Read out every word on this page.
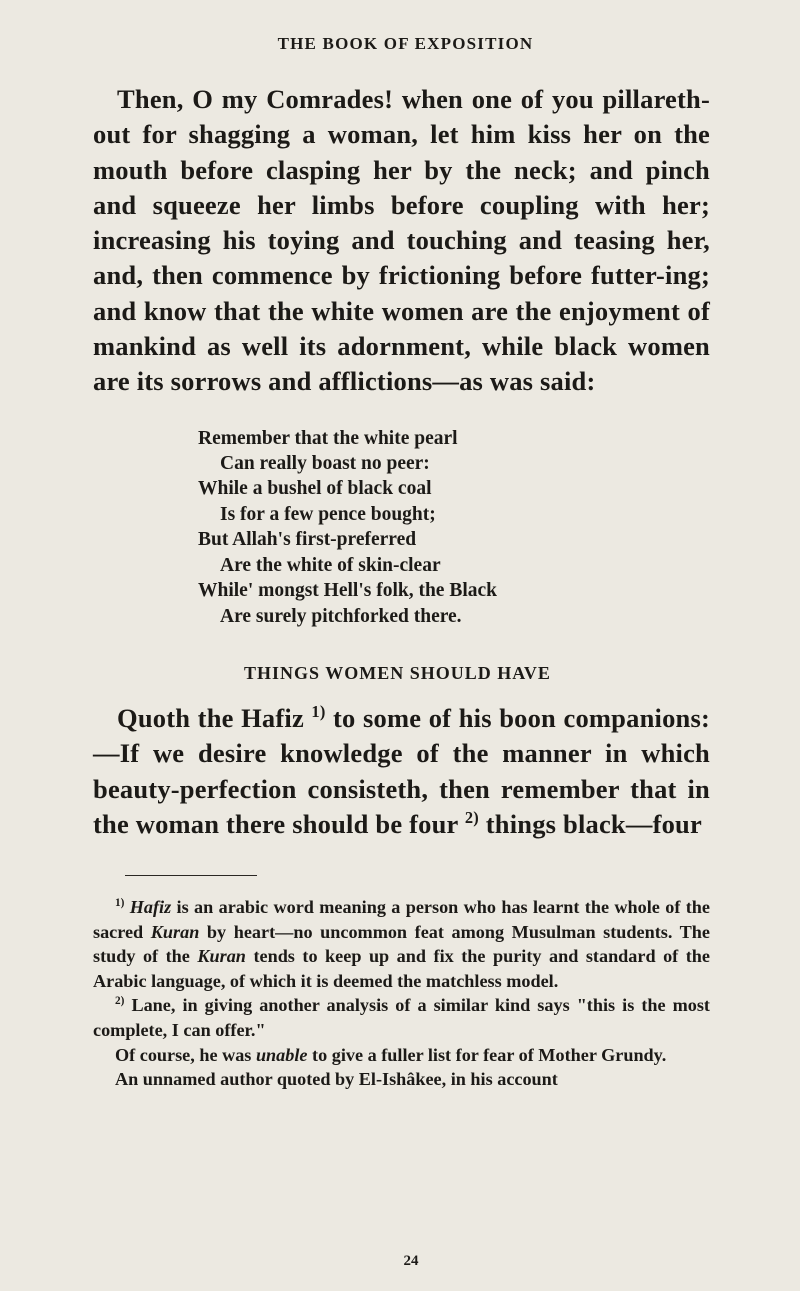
THE BOOK OF EXPOSITION

Then, O my Comrades! when one of you pillareth-out for shagging a woman, let him kiss her on the mouth before clasping her by the neck; and pinch and squeeze her limbs before coupling with her; increasing his toying and touching and teasing her, and, then commence by frictioning before futter-ing; and know that the white women are the enjoyment of mankind as well its adornment, while black women are its sorrows and afflictions—as was said:

Remember that the white pearl
Can really boast no peer:
While a bushel of black coal
Is for a few pence bought;
But Allah's first-preferred
Are the white of skin-clear
While' mongst Hell's folk, the Black
Are surely pitchforked there.
THINGS WOMEN SHOULD HAVE

Quoth the Hafiz $^{1)}$ to some of his boon companions: —If we desire knowledge of the manner in which beauty-perfection consisteth, then remember that in the woman there should be four $^{2)}$ things black—four

$^{1)}$ Hafiz is an arabic word meaning a person who has learnt the whole of the sacred Kuran by heart—no uncommon feat among Musulman students. The study of the Kuran tends to keep up and fix the purity and standard of the Arabic language, of which it is deemed the matchless model.

$^{2)}$ Lane, in giving another analysis of a similar kind says "this is the most complete, I can offer."

Of course, he was unable to give a fuller list for fear of Mother Grundy.

An unnamed author quoted by El-Ishâkee, in his account

24
